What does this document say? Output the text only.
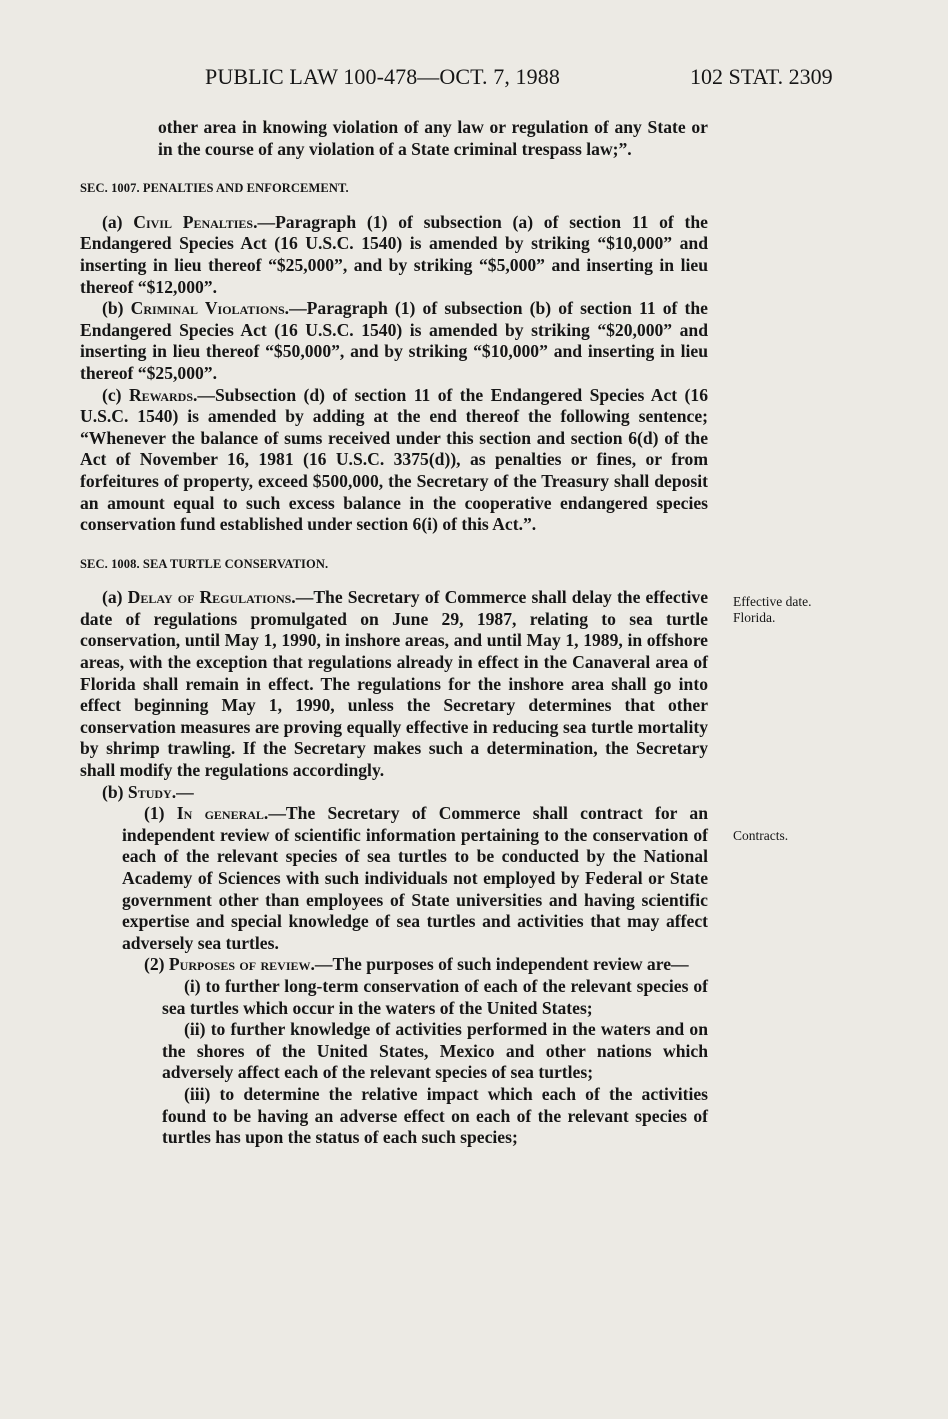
PUBLIC LAW 100-478—OCT. 7, 1988	102 STAT. 2309
Effective date.
Florida.
Contracts.

other area in knowing violation of any law or regulation of any State or in the course of any violation of a State criminal trespass law;”.

SEC. 1007. PENALTIES AND ENFORCEMENT.

(a) Civil Penalties.—Paragraph (1) of subsection (a) of section 11 of the Endangered Species Act (16 U.S.C. 1540) is amended by striking “$10,000” and inserting in lieu thereof “$25,000”, and by striking “$5,000” and inserting in lieu thereof “$12,000”.

(b) Criminal Violations.—Paragraph (1) of subsection (b) of section 11 of the Endangered Species Act (16 U.S.C. 1540) is amended by striking “$20,000” and inserting in lieu thereof “$50,000”, and by striking “$10,000” and inserting in lieu thereof “$25,000”.

(c) Rewards.—Subsection (d) of section 11 of the Endangered Species Act (16 U.S.C. 1540) is amended by adding at the end thereof the following sentence; “Whenever the balance of sums received under this section and section 6(d) of the Act of November 16, 1981 (16 U.S.C. 3375(d)), as penalties or fines, or from forfeitures of property, exceed $500,000, the Secretary of the Treasury shall deposit an amount equal to such excess balance in the cooperative endangered species conservation fund established under section 6(i) of this Act.”.

SEC. 1008. SEA TURTLE CONSERVATION.

(a) Delay of Regulations.—The Secretary of Commerce shall delay the effective date of regulations promulgated on June 29, 1987, relating to sea turtle conservation, until May 1, 1990, in inshore areas, and until May 1, 1989, in offshore areas, with the exception that regulations already in effect in the Canaveral area of Florida shall remain in effect. The regulations for the inshore area shall go into effect beginning May 1, 1990, unless the Secretary determines that other conservation measures are proving equally effective in reducing sea turtle mortality by shrimp trawling. If the Secretary makes such a determination, the Secretary shall modify the regulations accordingly.

(b) Study.—

(1) In general.—The Secretary of Commerce shall contract for an independent review of scientific information pertaining to the conservation of each of the relevant species of sea turtles to be conducted by the National Academy of Sciences with such individuals not employed by Federal or State government other than employees of State universities and having scientific expertise and special knowledge of sea turtles and activities that may affect adversely sea turtles.

(2) Purposes of review.—The purposes of such independent review are—

(i) to further long-term conservation of each of the relevant species of sea turtles which occur in the waters of the United States;

(ii) to further knowledge of activities performed in the waters and on the shores of the United States, Mexico and other nations which adversely affect each of the relevant species of sea turtles;

(iii) to determine the relative impact which each of the activities found to be having an adverse effect on each of the relevant species of turtles has upon the status of each such species;
